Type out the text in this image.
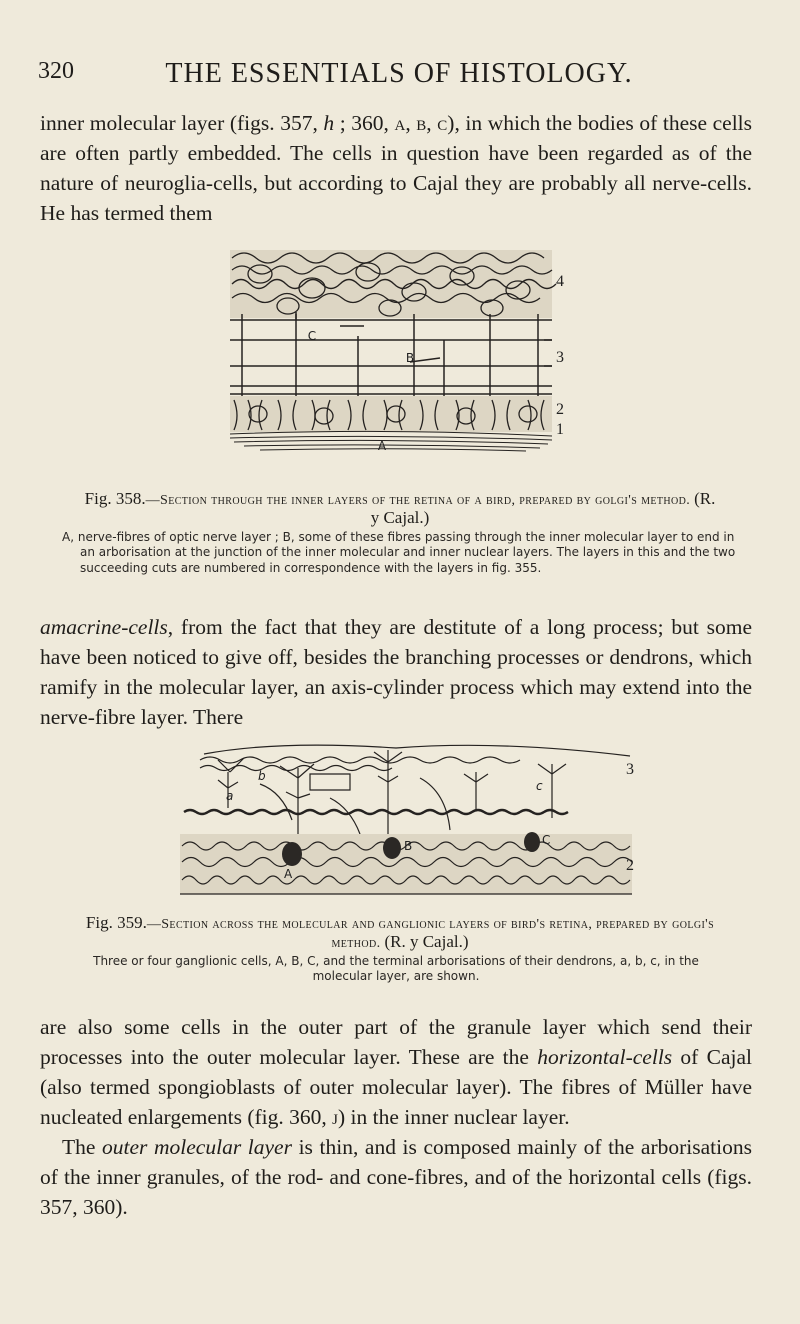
320	THE ESSENTIALS OF HISTOLOGY.

inner molecular layer (figs. 357, h ; 360, a, b, c), in which the bodies of these cells are often partly embedded. The cells in question have been regarded as of the nature of neuroglia-cells, but according to Cajal they are probably all nerve-cells. He has termed them

C
B
A
4
3
2
1

Fig. 358.—Section through the inner layers of the retina of a bird, prepared by golgi's method. (R. y Cajal.)

A, nerve-fibres of optic nerve layer ; B, some of these fibres passing through the inner molecular layer to end in an arborisation at the junction of the inner molecular and inner nuclear layers. The layers in this and the two succeeding cuts are numbered in correspondence with the layers in fig. 355.

amacrine-cells, from the fact that they are destitute of a long process; but some have been noticed to give off, besides the branching processes or dendrons, which ramify in the molecular layer, an axis-cylinder process which may extend into the nerve-fibre layer. There

b
a
c
A
B	C
3
2

Fig. 359.—Section across the molecular and ganglionic layers of bird's retina, prepared by golgi's method. (R. y Cajal.)

Three or four ganglionic cells, A, B, C, and the terminal arborisations of their dendrons, a, b, c, in the molecular layer, are shown.

are also some cells in the outer part of the granule layer which send their processes into the outer molecular layer. These are the horizontal-cells of Cajal (also termed spongioblasts of outer molecular layer). The fibres of Müller have nucleated enlargements (fig. 360, j) in the inner nuclear layer.

The outer molecular layer is thin, and is composed mainly of the arborisations of the inner granules, of the rod- and cone-fibres, and of the horizontal cells (figs. 357, 360).
